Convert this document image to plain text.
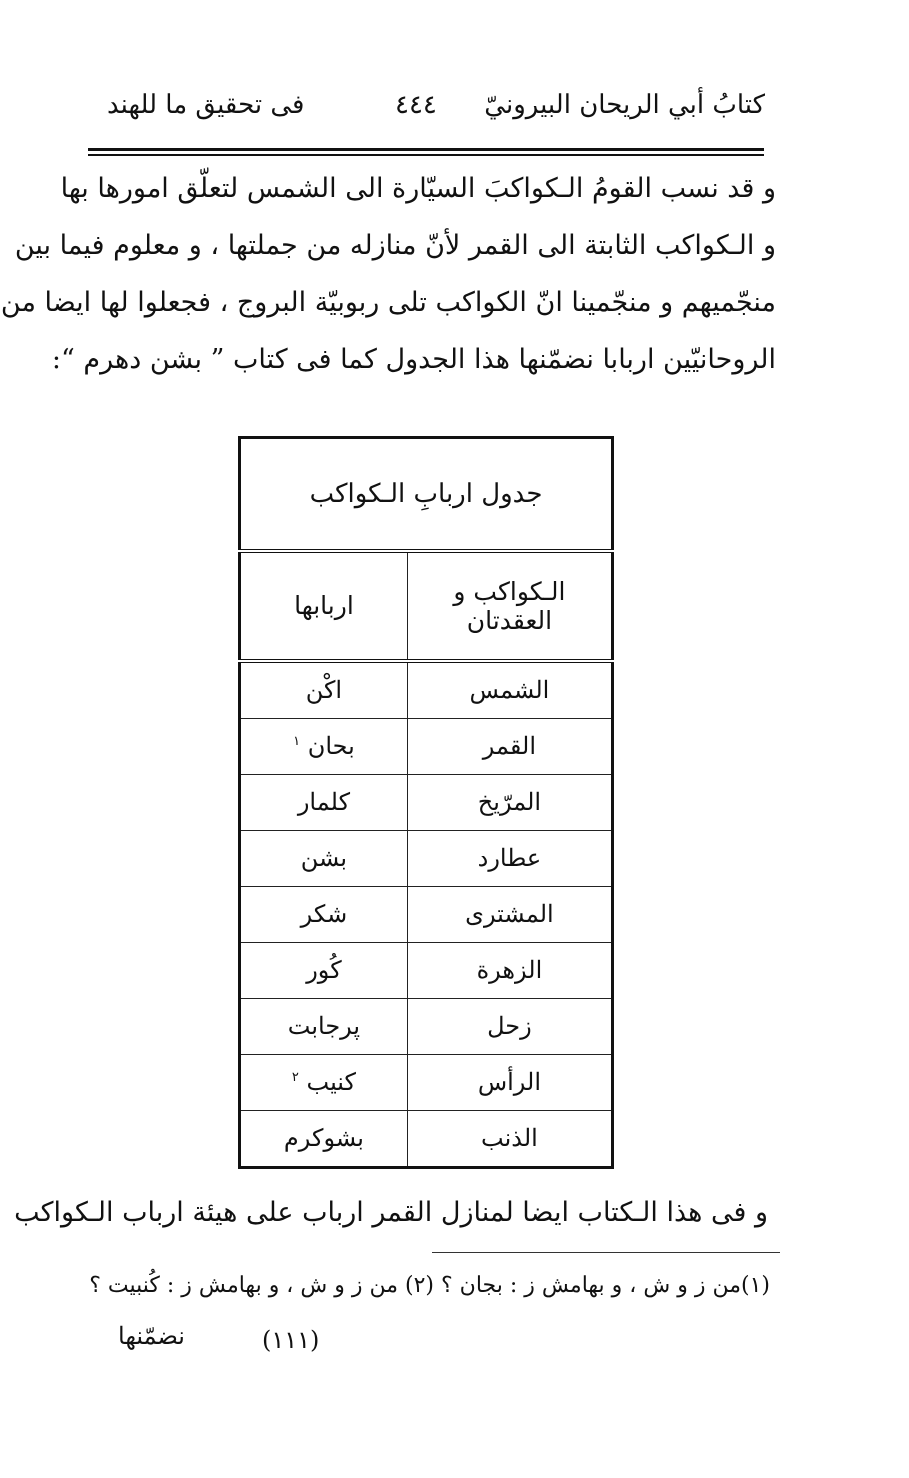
كتابُ أبي الريحان البيرونيّ
٤٤٤
فى تحقيق ما للهند
و قد نسب القومُ الـكواكبَ السيّارة الى الشمس لتعلّق امورها بها
و الـكواكب الثابتة الى القمر لأنّ منازله من جملتها ، و معلوم فيما بين
منجّميهم و منجّمينا انّ الكواكب تلى ربوبيّة البروج ، فجعلوا لها ايضا من
الروحانيّين اربابا نضمّنها هذا الجدول كما فى كتاب ” بشن دهرم “:
جدول اربابِ الـكواكب	
الـكواكب و العقدتان	اربابها
الشمس	اكْن
القمر	بحان $^١$
المرّيخ	كلمار
عطارد	بشن
المشترى	شكر
الزهرة	كُور
زحل	پرجابت
الرأس	كنيب $^٢$
الذنب	بشوكرم
و فى هذا الـكتاب ايضا لمنازل القمر ارباب على هيئة ارباب الـكواكب
(١)من ز و ش ، و بهامش ز : بجان ؟ (٢) من ز و ش ، و بهامش ز : كُنبيت ؟
(١١١)
نضمّنها
